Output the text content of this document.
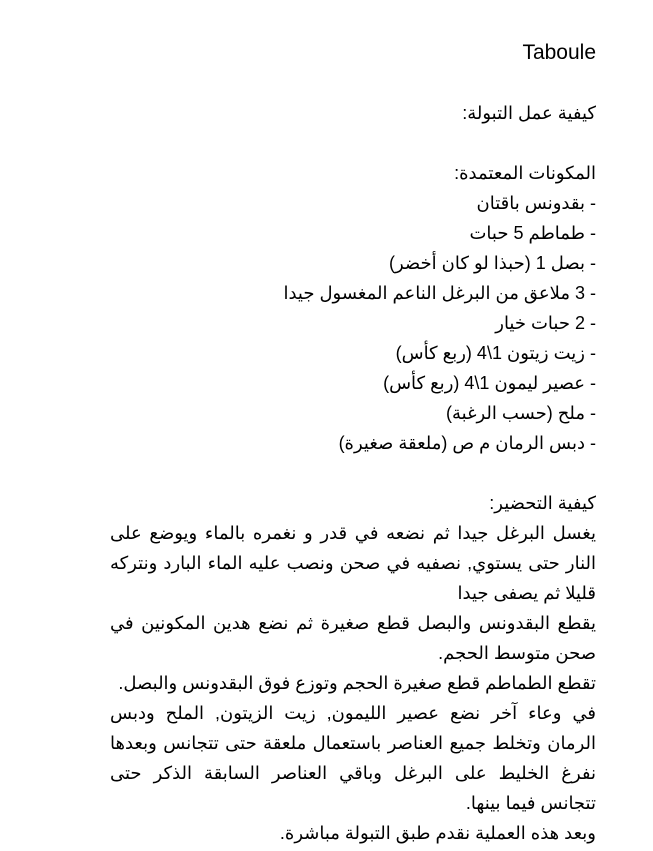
Taboule
كيفية عمل التبولة:
المكونات المعتمدة:
- بقدونس باقتان
- طماطم 5 حبات
- بصل 1 (حبذا لو كان أخضر)
- 3 ملاعق من البرغل الناعم المغسول جيدا
- 2 حبات خيار
- زيت زيتون 1\4 (ربع كأس)
- عصير ليمون 1\4 (ربع كأس)
- ملح (حسب الرغبة)
- دبس الرمان م ص (ملعقة صغيرة)
كيفية التحضير:
يغسل البرغل جيدا ثم نضعه في قدر و نغمره بالماء ويوضع على النار حتى يستوي, نصفيه في صحن ونصب عليه الماء البارد ونتركه قليلا ثم يصفى جيدا
يقطع البقدونس والبصل قطع صغيرة ثم نضع هدين المكونين في صحن متوسط الحجم.
تقطع الطماطم قطع صغيرة الحجم وتوزع فوق البقدونس والبصل.
في وعاء آخر نضع عصير الليمون, زيت الزيتون, الملح ودبس الرمان وتخلط جميع العناصر باستعمال ملعقة حتى تتجانس وبعدها نفرغ الخليط على البرغل وباقي العناصر السابقة الذكر حتى تتجانس فيما بينها.
وبعد هذه العملية نقدم طبق التبولة مباشرة.
